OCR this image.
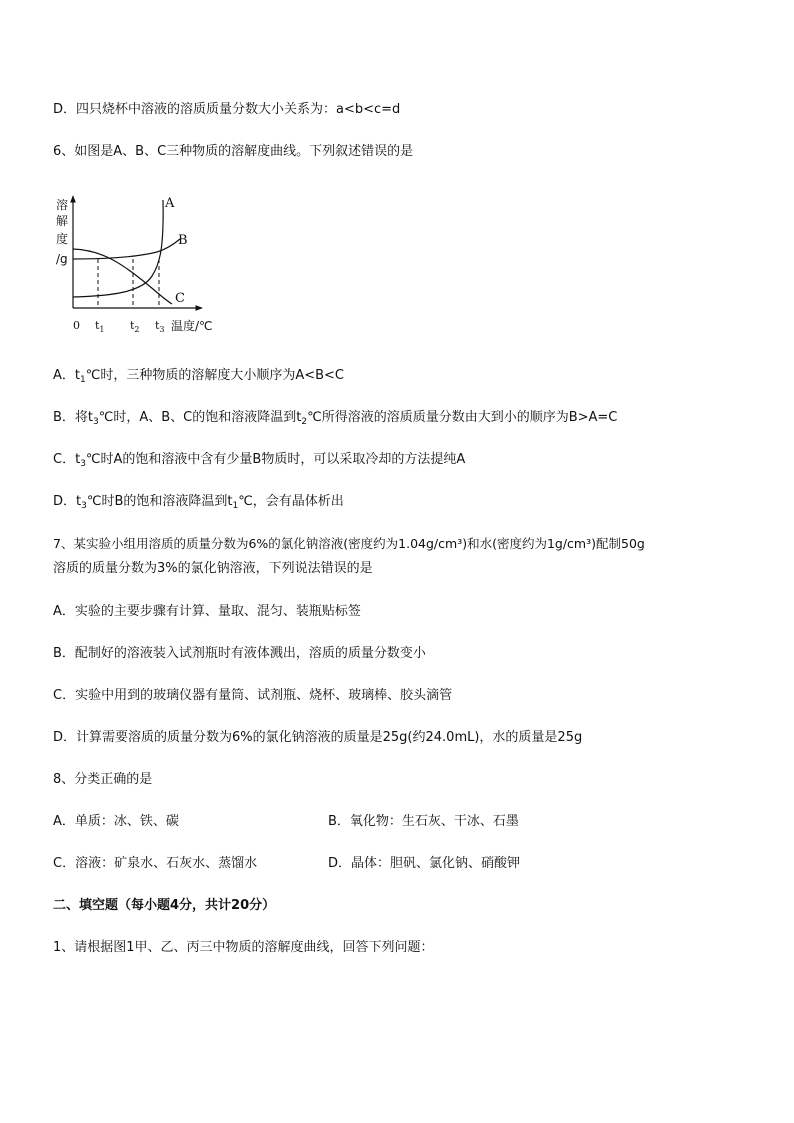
D．四只烧杯中溶液的溶质质量分数大小关系为：a<b<c=d
6、如图是A、B、C三种物质的溶解度曲线。下列叙述错误的是
溶
解
度
/g
A
B
C
0 $t_1$ $t_2$ $t_3$ 温度/℃
A．$t_1℃$时，三种物质的溶解度大小顺序为A<B<C
B．将$t_3℃$时，A、B、C的饱和溶液降温到$t_2℃$所得溶液的溶质质量分数由大到小的顺序为B>A=C
C．$t_3℃$时A的饱和溶液中含有少量B物质时，可以采取冷却的方法提纯A
D．$t_3℃$时B的饱和溶液降温到$t_1℃$，会有晶体析出
7、某实验小组用溶质的质量分数为6%的氯化钠溶液(密度约为1.04g/cm³)和水(密度约为1g/cm³)配制50g
溶质的质量分数为3%的氯化钠溶液，下列说法错误的是
A．实验的主要步骤有计算、量取、混匀、装瓶贴标签
B．配制好的溶液装入试剂瓶时有液体溅出，溶质的质量分数变小
C．实验中用到的玻璃仪器有量筒、试剂瓶、烧杯、玻璃棒、胶头滴管
D．计算需要溶质的质量分数为6%的氯化钠溶液的质量是25g(约24.0mL)，水的质量是25g
8、分类正确的是
A．单质：冰、铁、碳	B．氧化物：生石灰、干冰、石墨
C．溶液：矿泉水、石灰水、蒸馏水	D．晶体：胆矾、氯化钠、硝酸钾
二、填空题（每小题4分，共计20分）
1、请根据图1甲、乙、丙三中物质的溶解度曲线，回答下列问题：
